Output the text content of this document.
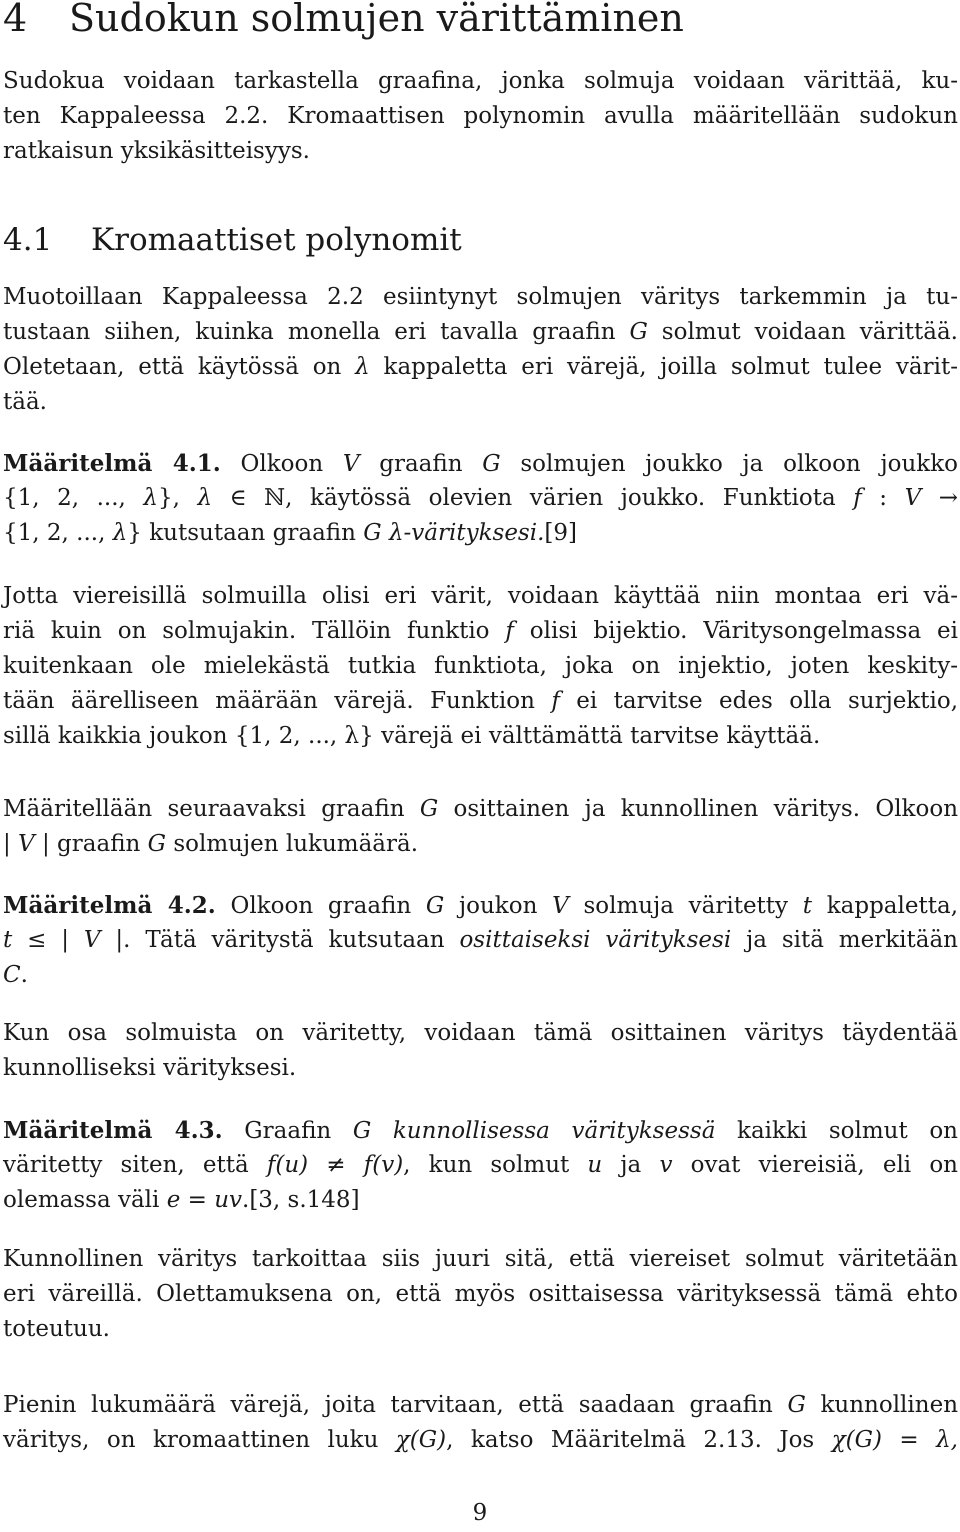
4 Sudokun solmujen värittäminen
Sudokua voidaan tarkastella graafina, jonka solmuja voidaan värittää, ku-
ten Kappaleessa 2.2. Kromaattisen polynomin avulla määritellään sudokun
ratkaisun yksikäsitteisyys.
4.1 Kromaattiset polynomit
Muotoillaan Kappaleessa 2.2 esiintynyt solmujen väritys tarkemmin ja tu-
tustaan siihen, kuinka monella eri tavalla graafin G solmut voidaan värittää.
Oletetaan, että käytössä on λ kappaletta eri värejä, joilla solmut tulee värit-
tää.
Määritelmä 4.1. Olkoon V graafin G solmujen joukko ja olkoon joukko
{1, 2, ..., λ}, λ ∈ ℕ, käytössä olevien värien joukko. Funktiota f : V →
{1, 2, ..., λ} kutsutaan graafin G λ-värityksesi.[9]
Jotta viereisillä solmuilla olisi eri värit, voidaan käyttää niin montaa eri vä-
riä kuin on solmujakin. Tällöin funktio f olisi bijektio. Väritysongelmassa ei
kuitenkaan ole mielekästä tutkia funktiota, joka on injektio, joten keskity-
tään äärelliseen määrään värejä. Funktion f ei tarvitse edes olla surjektio,
sillä kaikkia joukon {1, 2, ..., λ} värejä ei välttämättä tarvitse käyttää.
Määritellään seuraavaksi graafin G osittainen ja kunnollinen väritys. Olkoon
| V | graafin G solmujen lukumäärä.
Määritelmä 4.2. Olkoon graafin G joukon V solmuja väritetty t kappaletta,
t ≤ | V |. Tätä väritystä kutsutaan osittaiseksi värityksesi ja sitä merkitään
C.
Kun osa solmuista on väritetty, voidaan tämä osittainen väritys täydentää
kunnolliseksi värityksesi.
Määritelmä 4.3. Graafin G kunnollisessa värityksessä kaikki solmut on
väritetty siten, että f(u) ≠ f(v), kun solmut u ja v ovat viereisiä, eli on
olemassa väli e = uv.[3, s.148]
Kunnollinen väritys tarkoittaa siis juuri sitä, että viereiset solmut väritetään
eri väreillä. Olettamuksena on, että myös osittaisessa värityksessä tämä ehto
toteutuu.
Pienin lukumäärä värejä, joita tarvitaan, että saadaan graafin G kunnollinen
väritys, on kromaattinen luku χ(G), katso Määritelmä 2.13. Jos χ(G) = λ,
9
